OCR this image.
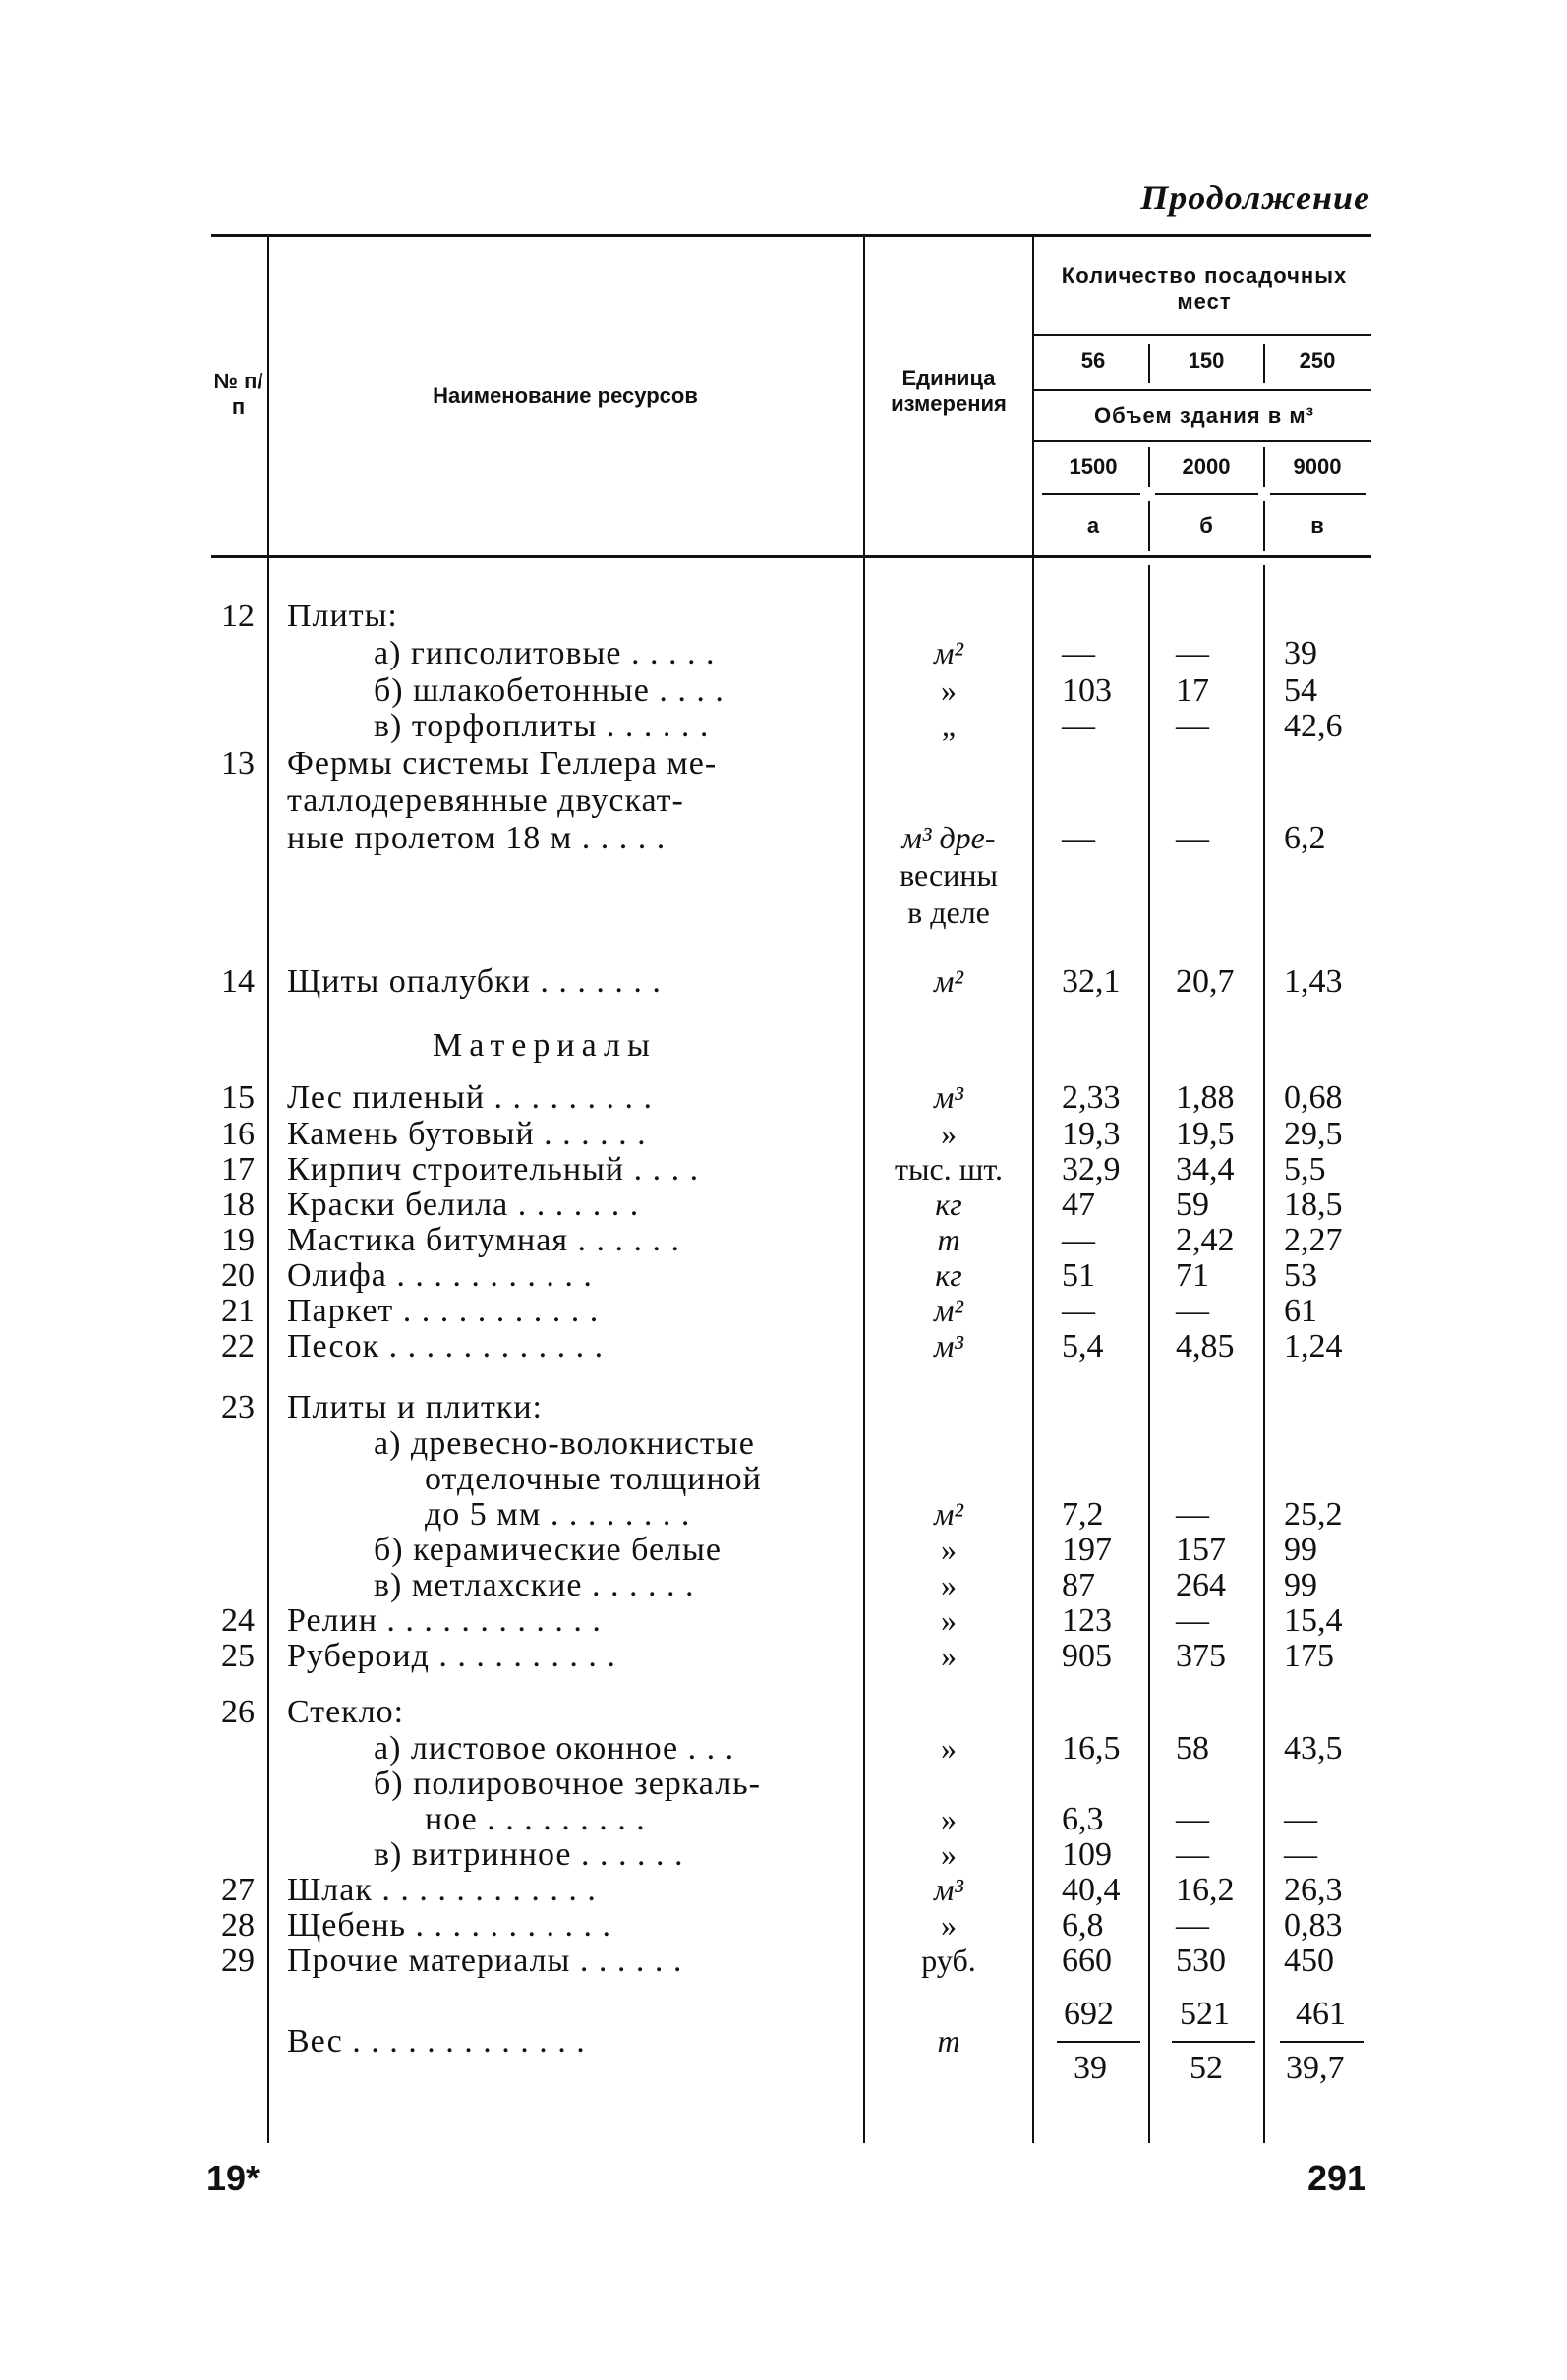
Продолжение
№ п/п	Наименование ресурсов
Единица измерения
Количество посадочных мест
56	150	250
Объем здания в м³
1500	2000	9000
а	б	в
12 Плиты:
а) гипсолитовые . . . . .	м²	— — 39
б) шлакобетонные . . . .	»	103 17 54
в) торфоплиты . . . . . .	„	— — 42,6
13 Фермы системы Геллера ме-
таллодеревянные двускат-
ные пролетом 18 м . . . . .	м³ дре-	— — 6,2
весины
в деле
14 Щиты опалубки . . . . . . .	м²	32,1 20,7 1,43
Материалы
15 Лес пиленый . . . . . . . . .	м³	2,33 1,88 0,68
16 Камень бутовый . . . . . .	»	19,3 19,5 29,5
17 Кирпич строительный . . . .	тыс. шт.	32,9 34,4 5,5
18 Краски белила . . . . . . .	кг	47 59 18,5
19 Мастика битумная . . . . . .	т	— 2,42 2,27
20 Олифа . . . . . . . . . . .	кг	51 71 53
21 Паркет . . . . . . . . . . .	м²	— — 61
22 Песок . . . . . . . . . . . .	м³	5,4 4,85 1,24
23 Плиты и плитки:
а) древесно-волокнистые
отделочные толщиной
до 5 мм . . . . . . . .	м²	7,2 — 25,2
б) керамические белые	»	197 157 99
в) метлахские . . . . . .	»	87 264 99
24 Релин . . . . . . . . . . . .	»	123 — 15,4
25 Рубероид . . . . . . . . . .	»	905 375 175
26 Стекло:
а) листовое оконное . . .	»	16,5 58 43,5
б) полировочное зеркаль-
ное . . . . . . . . .	»	6,3 — —
в) витринное . . . . . .	»	109 — —
27 Шлак . . . . . . . . . . . .	м³	40,4 16,2 26,3
28 Щебень . . . . . . . . . . .	»	6,8 — 0,83
29 Прочие материалы . . . . . .	руб.	660 530 450
Вес . . . . . . . . . . . . .	т
692 521 461
39 52 39,7
19*	291
